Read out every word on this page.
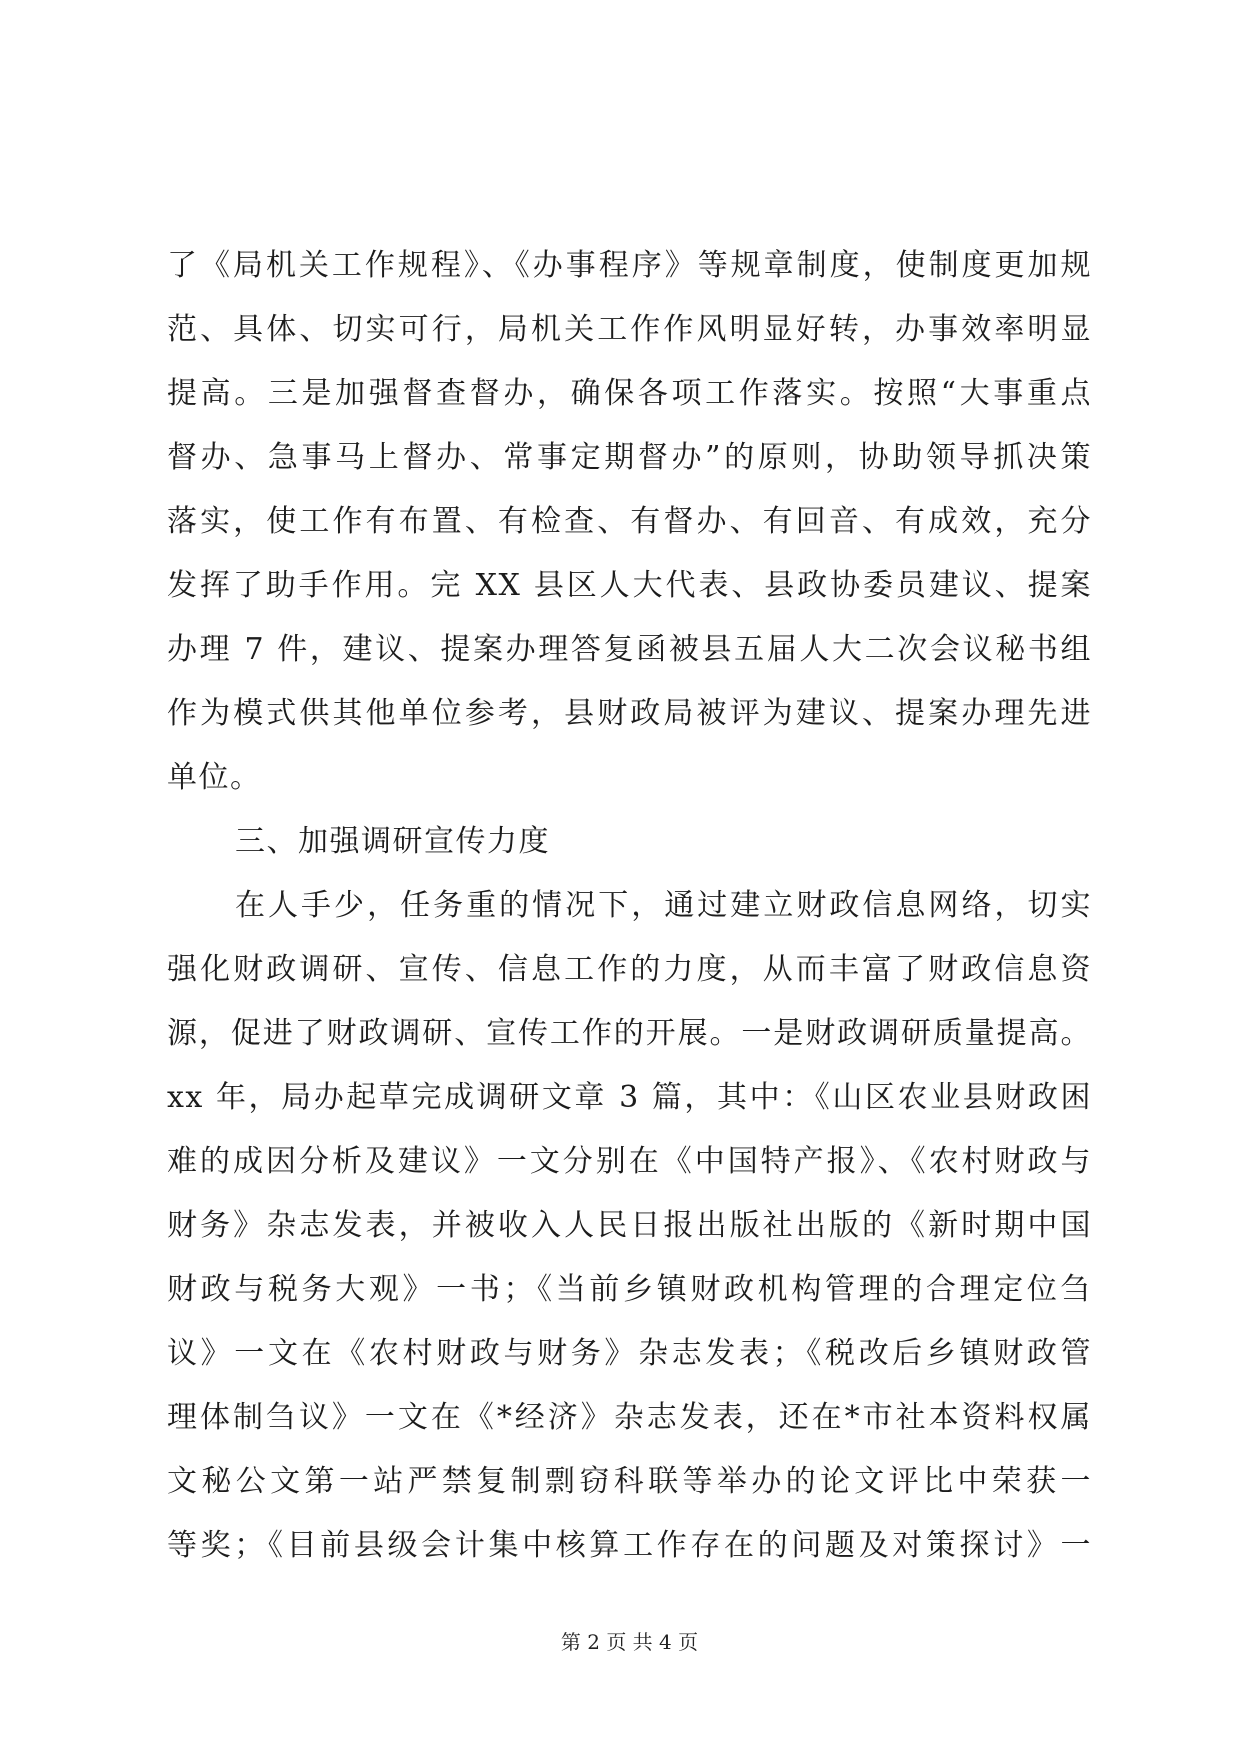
了《局机关工作规程》、《办事程序》等规章制度，使制度更加规
范、具体、切实可行，局机关工作作风明显好转，办事效率明显
提高。三是加强督查督办，确保各项工作落实。按照“大事重点
督办、急事马上督办、常事定期督办”的原则，协助领导抓决策
落实，使工作有布置、有检查、有督办、有回音、有成效，充分
发挥了助手作用。完 XX 县区人大代表、县政协委员建议、提案
办理 7 件，建议、提案办理答复函被县五届人大二次会议秘书组
作为模式供其他单位参考，县财政局被评为建议、提案办理先进
单位。
三、加强调研宣传力度
在人手少，任务重的情况下，通过建立财政信息网络，切实
强化财政调研、宣传、信息工作的力度，从而丰富了财政信息资
源，促进了财政调研、宣传工作的开展。一是财政调研质量提高。
xx 年，局办起草完成调研文章 3 篇，其中：《山区农业县财政困
难的成因分析及建议》一文分别在《中国特产报》、《农村财政与
财务》杂志发表，并被收入人民日报出版社出版的《新时期中国
财政与税务大观》一书；《当前乡镇财政机构管理的合理定位刍
议》一文在《农村财政与财务》杂志发表；《税改后乡镇财政管
理体制刍议》一文在《*经济》杂志发表，还在*市社本资料权属
文秘公文第一站严禁复制剽窃科联等举办的论文评比中荣获一
等奖；《目前县级会计集中核算工作存在的问题及对策探讨》一
第 2 页 共 4 页
